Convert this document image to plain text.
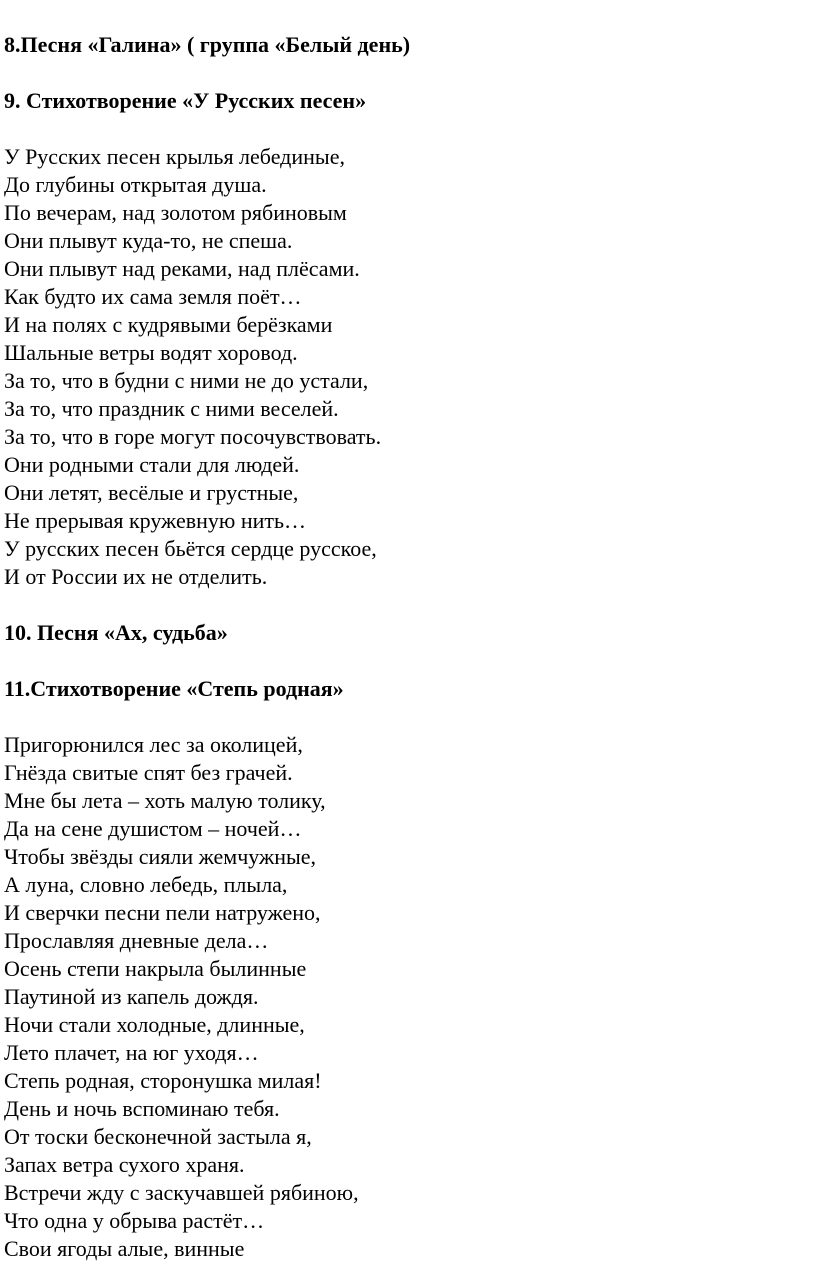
8.Песня «Галина» ( группа «Белый день)
9. Стихотворение «У Русских песен»
У Русских песен крылья лебединые,
До глубины открытая душа.
По вечерам, над золотом рябиновым
Они плывут куда-то, не спеша.
Они плывут над реками, над плёсами.
Как будто их сама земля поёт…
И на полях с кудрявыми берёзками
Шальные ветры водят хоровод.
За то, что в будни с ними не до устали,
За то, что праздник с ними веселей.
За то, что в горе могут посочувствовать.
Они родными стали для людей.
Они летят, весёлые и грустные,
Не прерывая кружевную нить…
У русских песен бьётся сердце русское,
И от России их не отделить.
10. Песня «Ах, судьба»
11.Стихотворение «Степь родная»
Пригорюнился лес за околицей,
Гнёзда свитые спят без грачей.
Мне бы лета – хоть малую толику,
Да на сене душистом – ночей…
Чтобы звёзды сияли жемчужные,
А луна, словно лебедь, плыла,
И сверчки песни пели натружено,
Прославляя дневные дела…
Осень степи накрыла былинные
Паутиной из капель дождя.
Ночи стали холодные, длинные,
Лето плачет, на юг уходя…
Степь родная, сторонушка милая!
День и ночь вспоминаю тебя.
От тоски бесконечной застыла я,
Запах ветра сухого храня.
Встречи жду с заскучавшей рябиною,
Что одна у обрыва растёт…
Свои ягоды алые, винные
